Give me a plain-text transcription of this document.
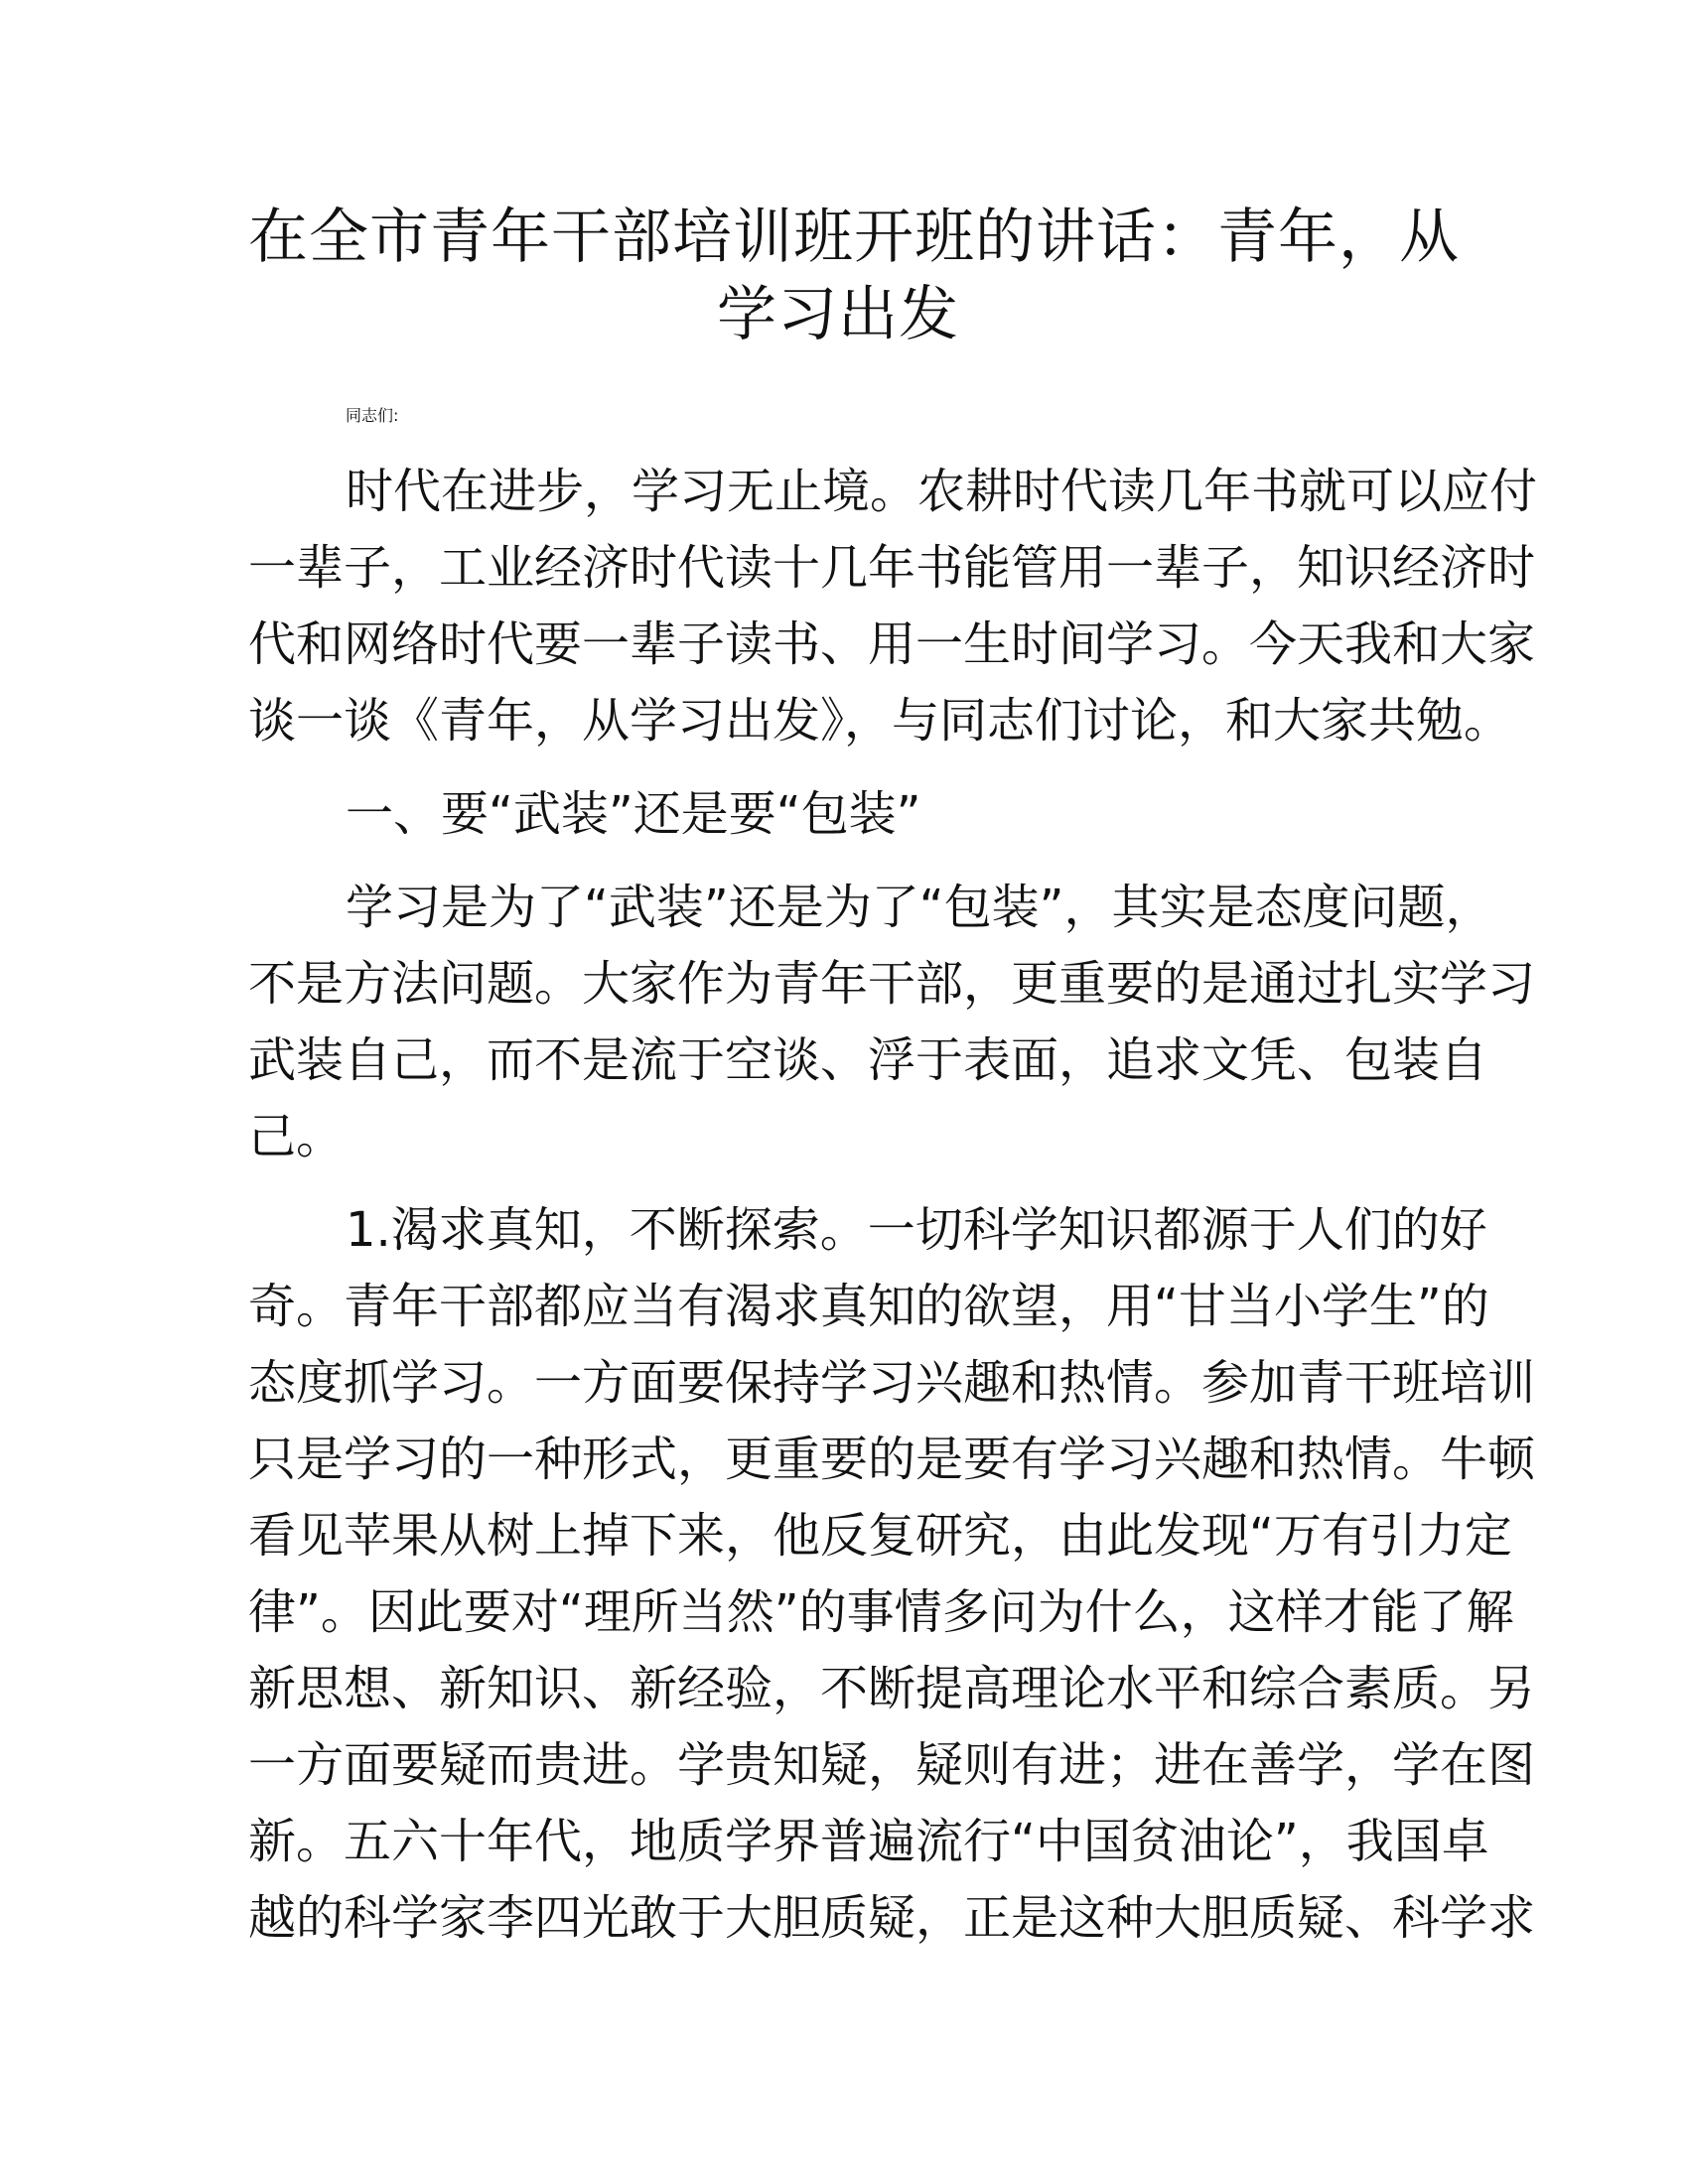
在全市青年干部培训班开班的讲话：青年，从
学习出发
同志们:
时代在进步，学习无止境。农耕时代读几年书就可以应付
一辈子，工业经济时代读十几年书能管用一辈子，知识经济时
代和网络时代要一辈子读书、用一生时间学习。今天我和大家
谈一谈《青年，从学习出发》，与同志们讨论，和大家共勉。
一、要“武装”还是要“包装”
学习是为了“武装”还是为了“包装”，其实是态度问题，
不是方法问题。大家作为青年干部，更重要的是通过扎实学习
武装自己，而不是流于空谈、浮于表面，追求文凭、包装自
己。
1.渴求真知，不断探索。一切科学知识都源于人们的好
奇。青年干部都应当有渴求真知的欲望，用“甘当小学生”的
态度抓学习。一方面要保持学习兴趣和热情。参加青干班培训
只是学习的一种形式，更重要的是要有学习兴趣和热情。牛顿
看见苹果从树上掉下来，他反复研究，由此发现“万有引力定
律”。因此要对“理所当然”的事情多问为什么，这样才能了解
新思想、新知识、新经验，不断提高理论水平和综合素质。另
一方面要疑而贵进。学贵知疑，疑则有进；进在善学，学在图
新。五六十年代，地质学界普遍流行“中国贫油论”，我国卓
越的科学家李四光敢于大胆质疑，正是这种大胆质疑、科学求
